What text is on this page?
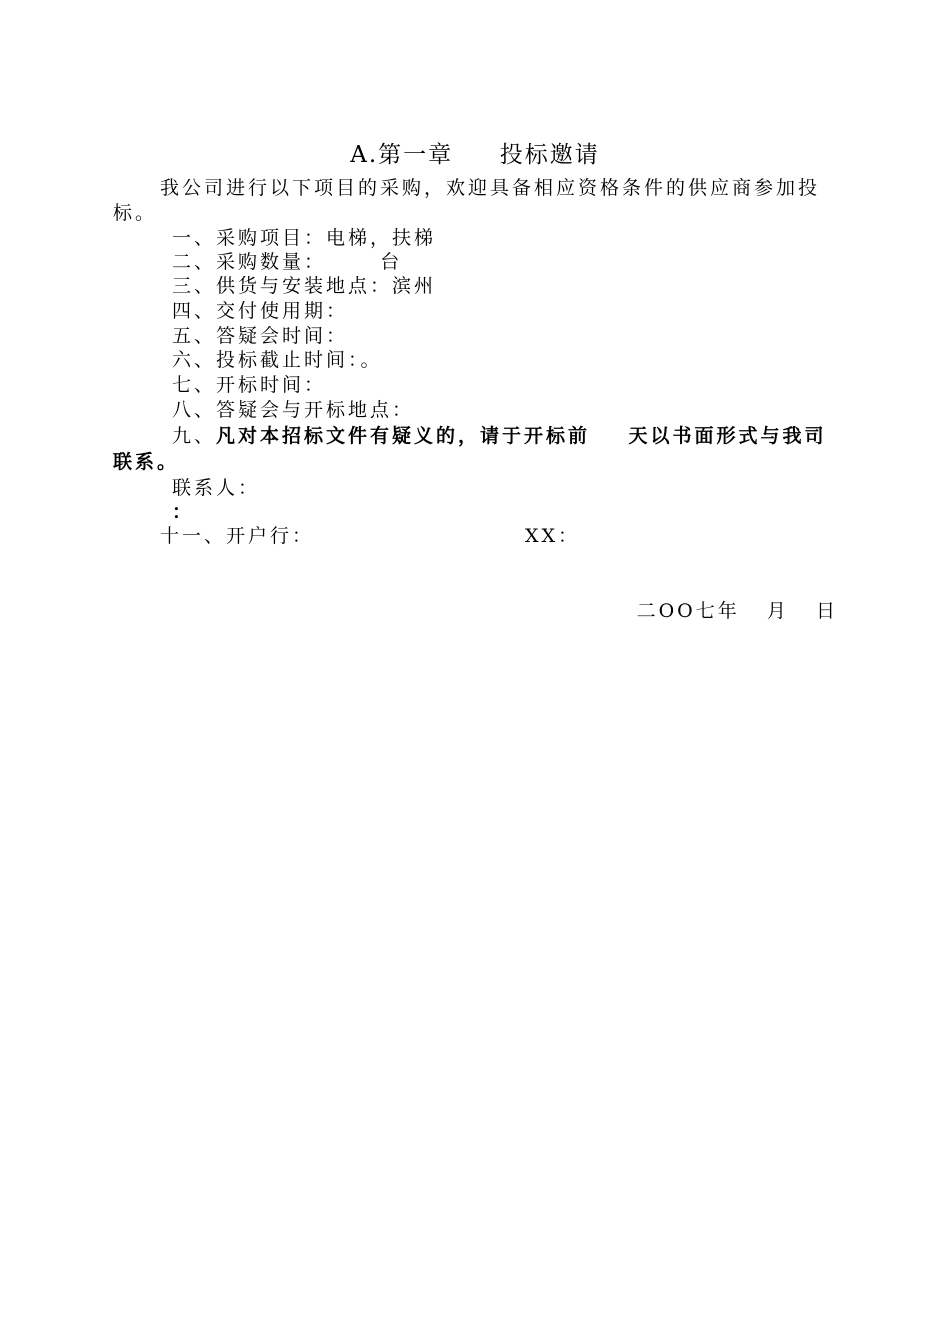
A.第一章     投标邀请
我公司进行以下项目的采购，欢迎具备相应资格条件的供应商参加投
标。
一、采购项目：电梯，扶梯
二、采购数量：      台
三、供货与安装地点：滨州
四、交付使用期：
五、答疑会时间：
六、投标截止时间：。
七、开标时间：
八、答疑会与开标地点：
九、凡对本招标文件有疑义的，请于开标前    天以书面形式与我司
联系。
联系人：
：
十一、开户行：	XX：
二OO七年   月   日
